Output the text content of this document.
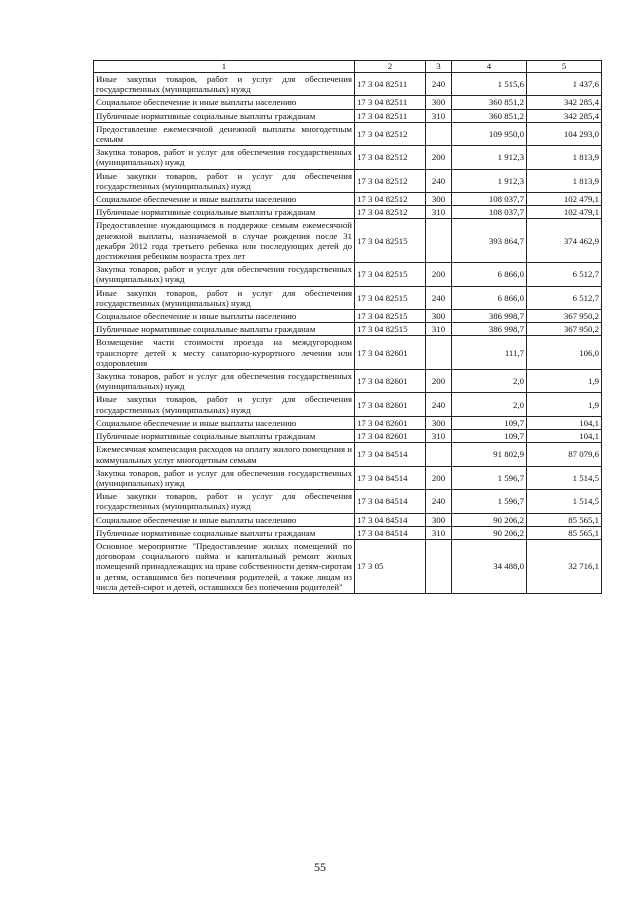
1	2	3	4	5
Иные закупки товаров, работ и услуг для обеспечения государственных (муниципальных) нужд	17 3 04 82511	240	1 515,6	1 437,6
Социальное обеспечение и иные выплаты населению	17 3 04 82511	300	360 851,2	342 285,4
Публичные нормативные социальные выплаты гражданам	17 3 04 82511	310	360 851,2	342 285,4
Предоставление ежемесячной денежной выплаты многодетным семьям	17 3 04 82512		109 950,0	104 293,0
Закупка товаров, работ и услуг для обеспечения государственных (муниципальных) нужд	17 3 04 82512	200	1 912,3	1 813,9
Иные закупки товаров, работ и услуг для обеспечения государственных (муниципальных) нужд	17 3 04 82512	240	1 912,3	1 813,9
Социальное обеспечение и иные выплаты населению	17 3 04 82512	300	108 037,7	102 479,1
Публичные нормативные социальные выплаты гражданам	17 3 04 82512	310	108 037,7	102 479,1
Предоставление нуждающимся в поддержке семьям ежемесячной денежной выплаты, назначаемой в случае рождения после 31 декабря 2012 года третьего ребенка или последующих детей до достижения ребенком возраста трех лет	17 3 04 82515		393 864,7	374 462,9
Закупка товаров, работ и услуг для обеспечения государственных (муниципальных) нужд	17 3 04 82515	200	6 866,0	6 512,7
Иные закупки товаров, работ и услуг для обеспечения государственных (муниципальных) нужд	17 3 04 82515	240	6 866,0	6 512,7
Социальное обеспечение и иные выплаты населению	17 3 04 82515	300	386 998,7	367 950,2
Публичные нормативные социальные выплаты гражданам	17 3 04 82515	310	386 998,7	367 950,2
Возмещение части стоимости проезда на междугородном транспорте детей к месту санаторно-курортного лечения или оздоровления	17 3 04 82601		111,7	106,0
Закупка товаров, работ и услуг для обеспечения государственных (муниципальных) нужд	17 3 04 82601	200	2,0	1,9
Иные закупки товаров, работ и услуг для обеспечения государственных (муниципальных) нужд	17 3 04 82601	240	2,0	1,9
Социальное обеспечение и иные выплаты населению	17 3 04 82601	300	109,7	104,1
Публичные нормативные социальные выплаты гражданам	17 3 04 82601	310	109,7	104,1
Ежемесячная компенсация расходов на оплату жилого помещения и коммунальных услуг многодетным семьям	17 3 04 84514		91 802,9	87 079,6
Закупка товаров, работ и услуг для обеспечения государственных (муниципальных) нужд	17 3 04 84514	200	1 596,7	1 514,5
Иные закупки товаров, работ и услуг для обеспечения государственных (муниципальных) нужд	17 3 04 84514	240	1 596,7	1 514,5
Социальное обеспечение и иные выплаты населению	17 3 04 84514	300	90 206,2	85 565,1
Публичные нормативные социальные выплаты гражданам	17 3 04 84514	310	90 206,2	85 565,1
Основное мероприятие "Предоставление жилых помещений по договорам социального найма и капитальный ремонт жилых помещений принадлежащих на праве собственности детям-сиротам и детям, оставшимся без попечения родителей, а также лицам из числа детей-сирот и детей, оставшихся без попечения родителей"	17 3 05		34 488,0	32 716,1
55
